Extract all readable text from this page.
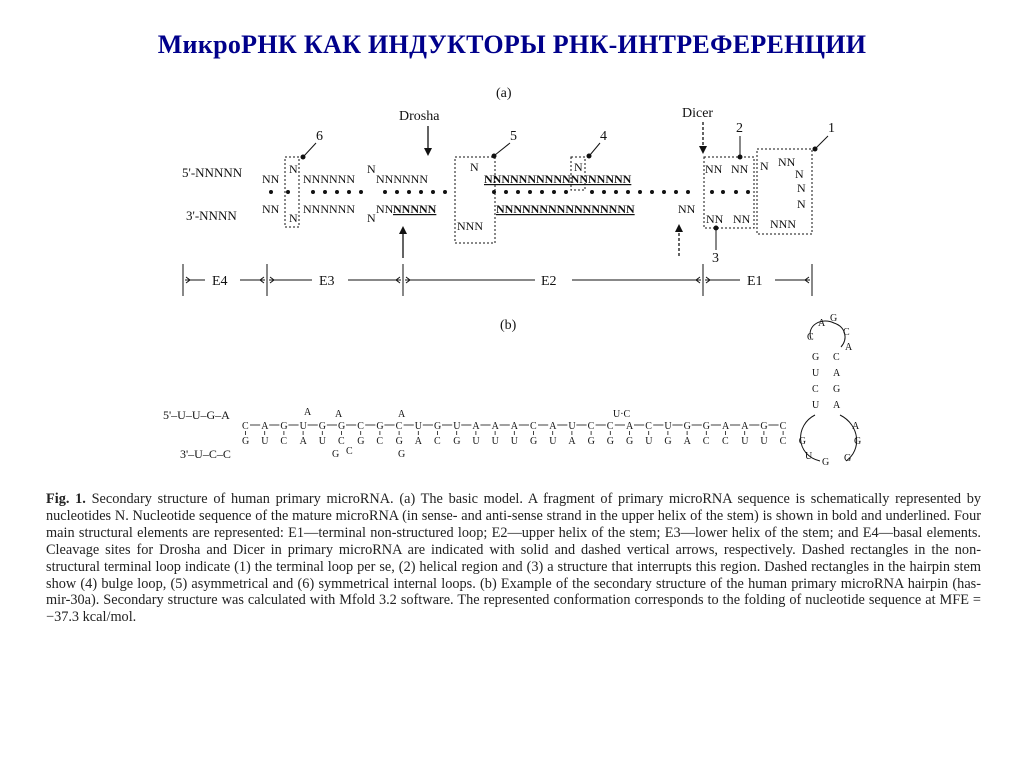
МикроРНК КАК ИНДУКТОРЫ РНК-ИНТРЕФЕРЕНЦИИ
(a)
Drosha	Dicer
6	5	4
2	1
3
5'-NNNNN
3'-NNNN
NN
N
NNNNNN
N
NNNNNN
N
NNNNNNNNNNNNNNNNN
N	NN NN NN
N
NN
N
NNNNNN
N
NN NNNNN
NNN
NNNNNNNNNNNNNNNN	NN
NN NN NNN
N
N
N
E4	E3	E2	E1
(b)
5'–U–U–G–A
3'–U–C–C
C A G U G G C G C U G U A A A C A U C C A C U G G A A G C
G U C A U C G C G A C G U U U G U A G G G U G A C C U U C G
A A	A	U·C
G C	G
A G
C
C
A
G C
U A
C G
U A
A
G
G
G
U
Fig. 1. Secondary structure of human primary microRNA. (a) The basic model. A fragment of primary microRNA sequence is schematically represented by nucleotides N. Nucleotide sequence of the mature microRNA (in sense- and anti-sense strand in the upper helix of the stem) is shown in bold and underlined. Four main structural elements are represented: E1—terminal non-structured loop; E2—upper helix of the stem; E3—lower helix of the stem; and E4—basal elements. Cleavage sites for Drosha and Dicer in primary microRNA are indicated with solid and dashed vertical arrows, respectively. Dashed rectangles in the non-structural terminal loop indicate (1) the terminal loop per se, (2) helical region and (3) a structure that interrupts this region. Dashed rectangles in the hairpin stem show (4) bulge loop, (5) asymmetrical and (6) symmetrical internal loops. (b) Example of the secondary structure of the human primary microRNA hairpin (has-mir-30a). Secondary structure was calculated with Mfold 3.2 software. The represented conformation corresponds to the folding of nucleotide sequence at MFE = −37.3 kcal/mol.
